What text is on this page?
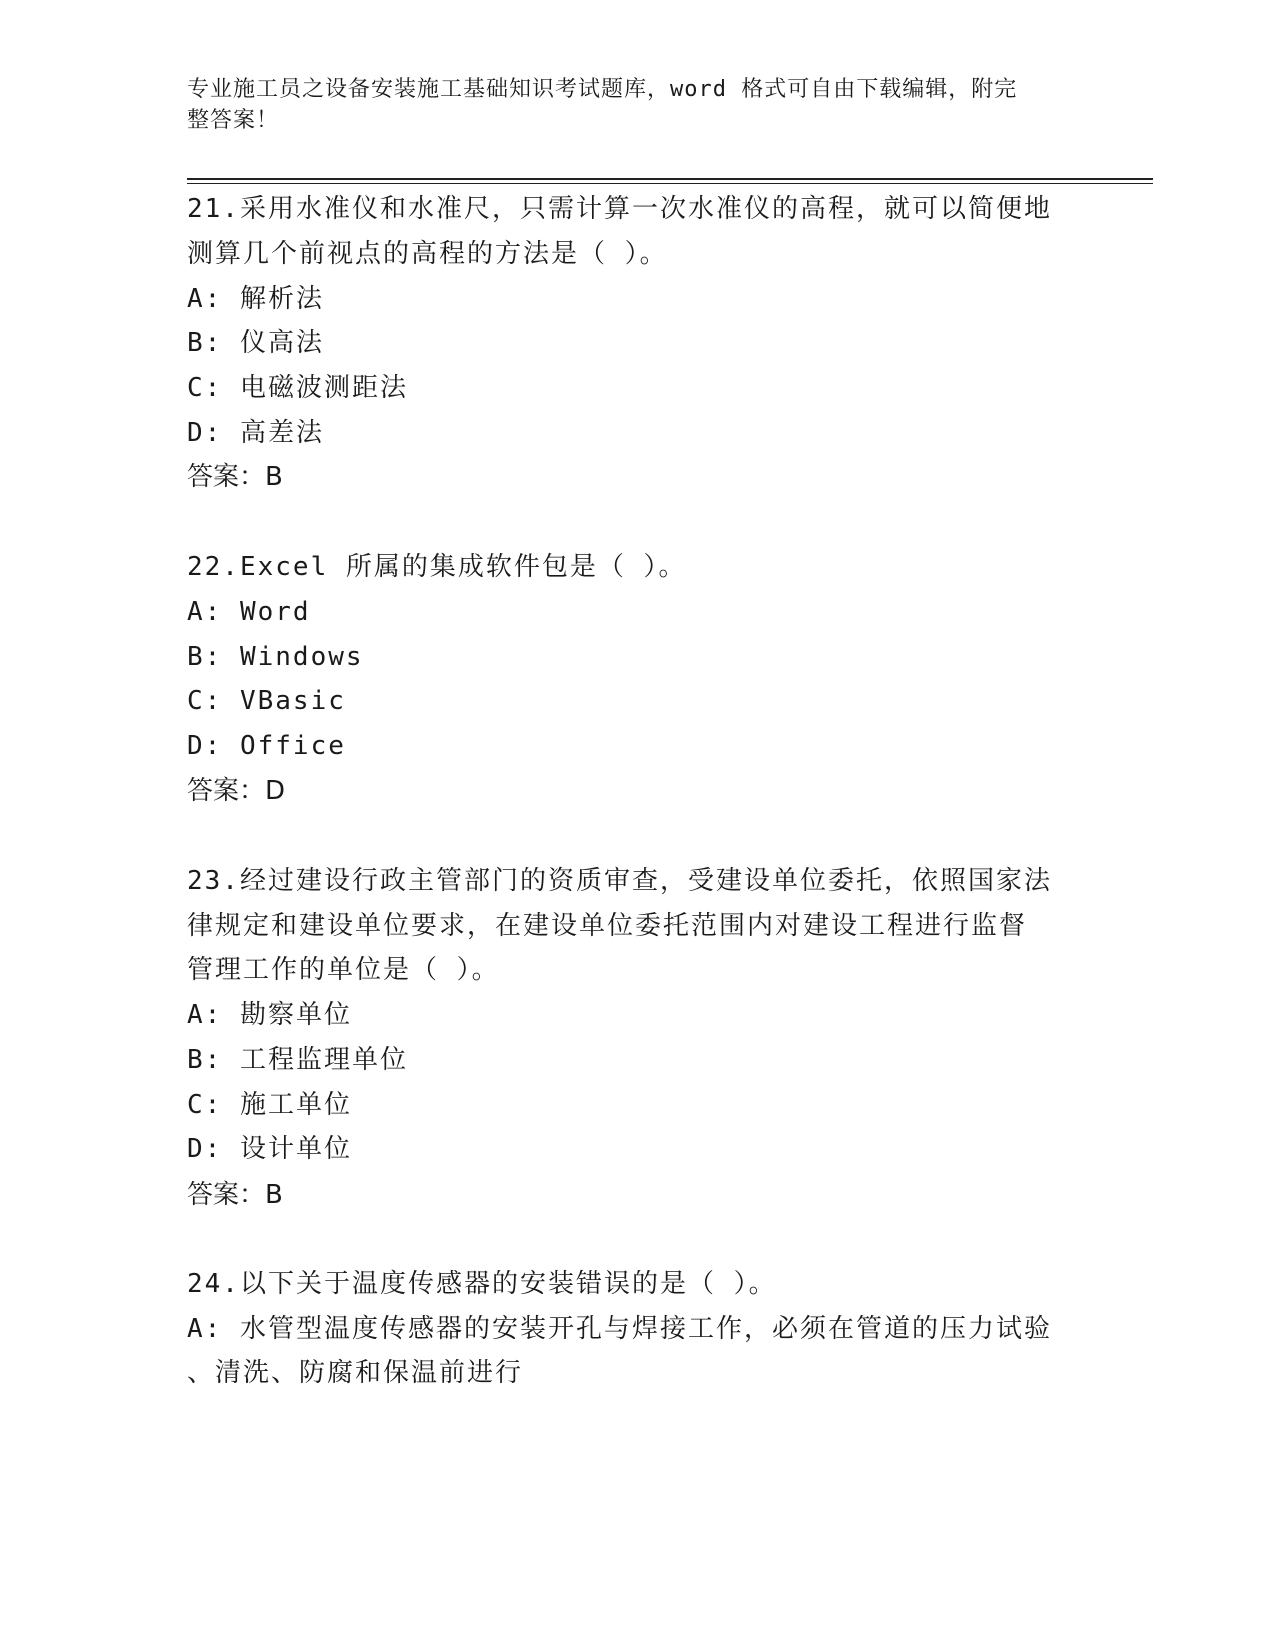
专业施工员之设备安装施工基础知识考试题库，word 格式可自由下载编辑，附完
整答案！
21.采用水准仪和水准尺，只需计算一次水准仪的高程，就可以简便地
测算几个前视点的高程的方法是（ ）。
A: 解析法
B: 仪高法
C: 电磁波测距法
D: 高差法
答案：B
22.Excel 所属的集成软件包是（ ）。
A: Word
B: Windows
C: VBasic
D: Office
答案：D
23.经过建设行政主管部门的资质审查，受建设单位委托，依照国家法
律规定和建设单位要求，在建设单位委托范围内对建设工程进行监督
管理工作的单位是（ ）。
A: 勘察单位
B: 工程监理单位
C: 施工单位
D: 设计单位
答案：B
24.以下关于温度传感器的安装错误的是（ ）。
A: 水管型温度传感器的安装开孔与焊接工作，必须在管道的压力试验
、清洗、防腐和保温前进行
